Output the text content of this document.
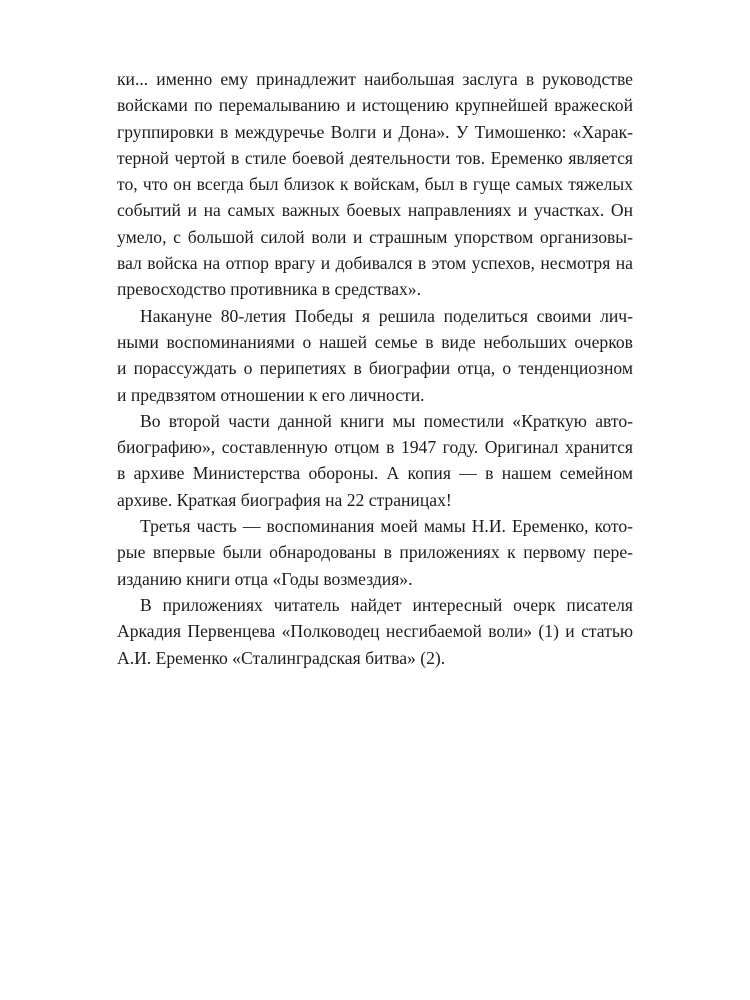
ки... именно ему принадлежит наибольшая заслуга в руководстве
войсками по перемалыванию и истощению крупнейшей вражеской
группировки в междуречье Волги и Дона». У Тимошенко: «Харак-
терной чертой в стиле боевой деятельности тов. Еременко является
то, что он всегда был близок к войскам, был в гуще самых тяжелых
событий и на самых важных боевых направлениях и участках. Он
умело, с большой силой воли и страшным упорством организовы-
вал войска на отпор врагу и добивался в этом успехов, несмотря на
превосходство противника в средствах».
Накануне 80-летия Победы я решила поделиться своими лич-
ными воспоминаниями о нашей семье в виде небольших очерков
и порассуждать о перипетиях в биографии отца, о тенденциозном
и предвзятом отношении к его личности.
Во второй части данной книги мы поместили «Краткую авто-
биографию», составленную отцом в 1947 году. Оригинал хранится
в архиве Министерства обороны. А копия — в нашем семейном
архиве. Краткая биография на 22 страницах!
Третья часть — воспоминания моей мамы Н.И. Еременко, кото-
рые впервые были обнародованы в приложениях к первому пере-
изданию книги отца «Годы возмездия».
В приложениях читатель найдет интересный очерк писателя
Аркадия Первенцева «Полководец несгибаемой воли» (1) и статью
А.И. Еременко «Сталинградская битва» (2).
